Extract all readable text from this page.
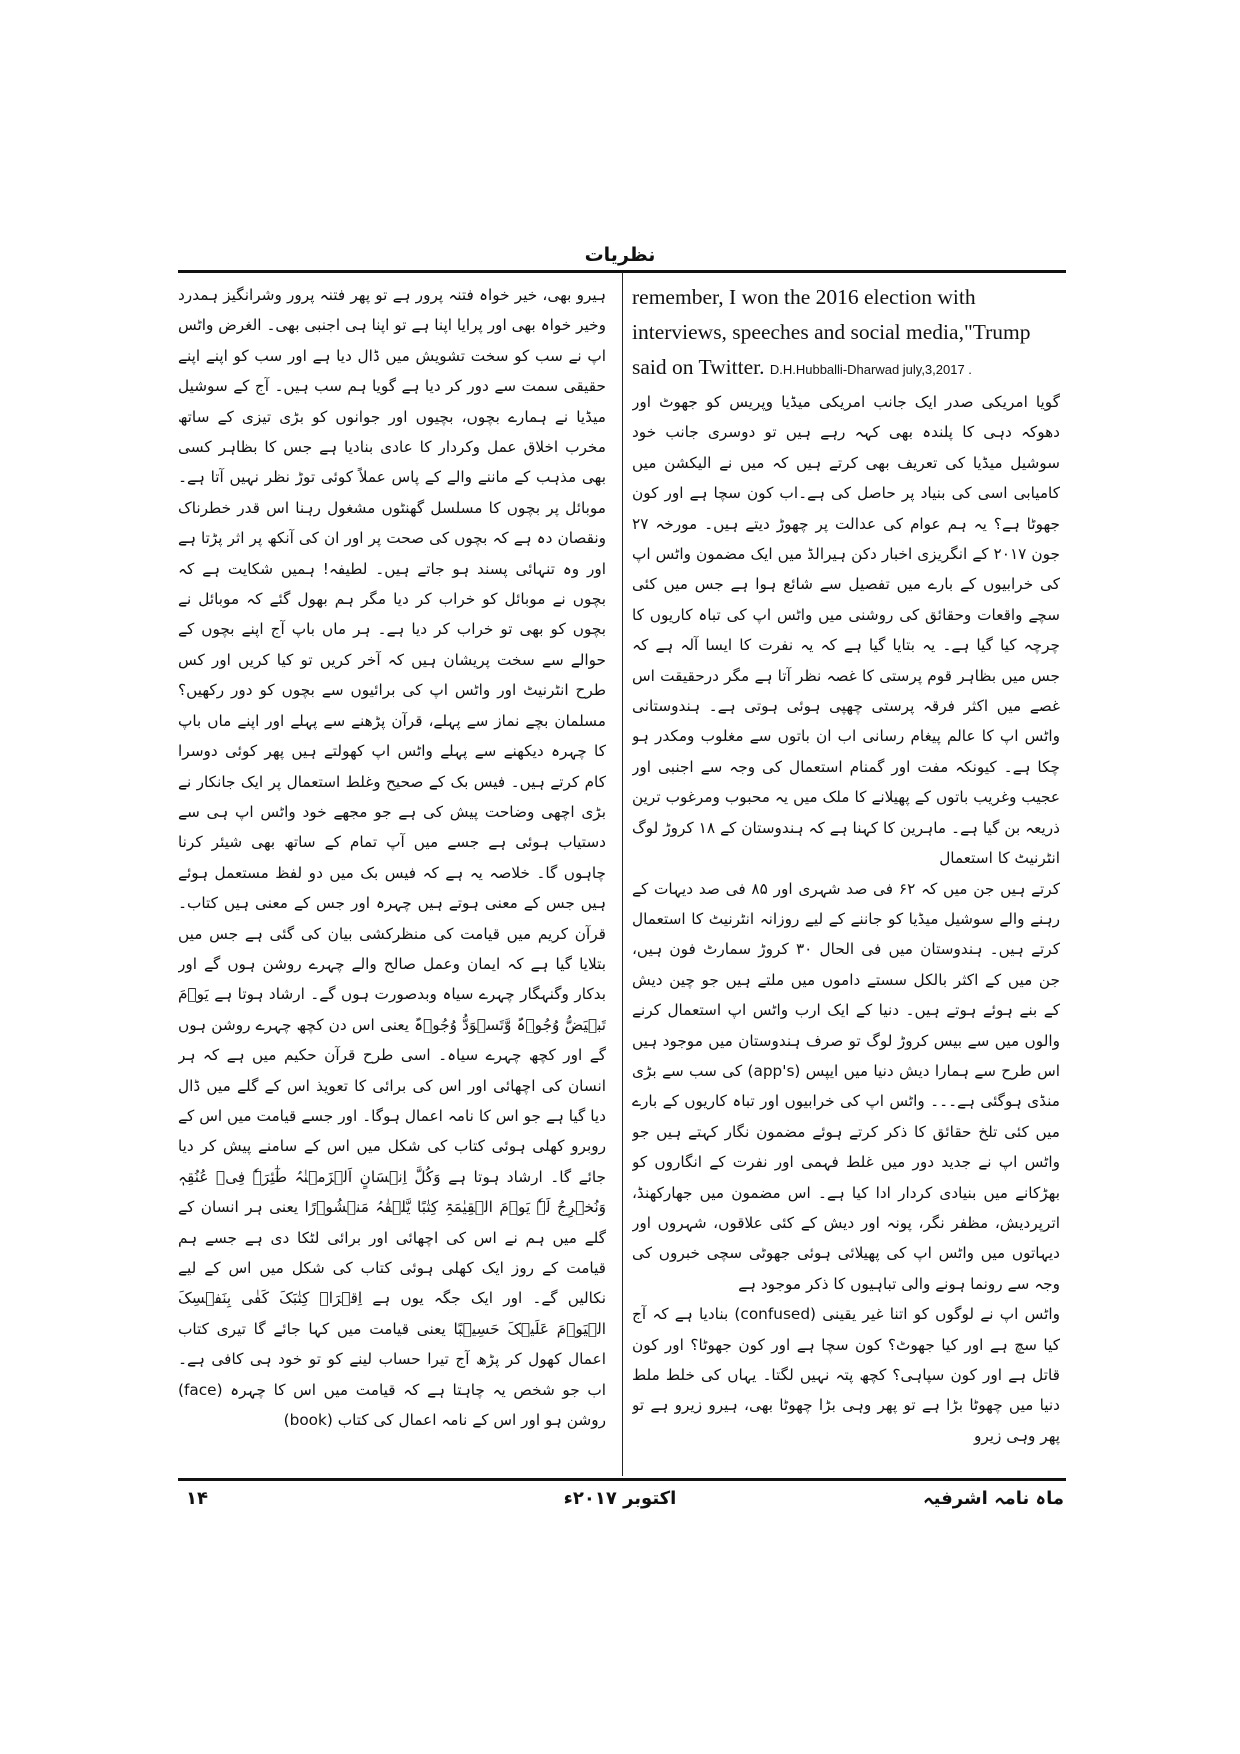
نظریات

remember, I won the 2016 election with

interviews, speeches and social media,"Trump

said on Twitter. D.H.Hubballi-Dharwad july,3,2017 .

گویا امریکی صدر ایک جانب امریکی میڈیا وپریس کو جھوٹ اور دھوکہ دہی کا پلندہ بھی کہہ رہے ہیں تو دوسری جانب خود سوشیل میڈیا کی تعریف بھی کرتے ہیں کہ میں نے الیکشن میں کامیابی اسی کی بنیاد پر حاصل کی ہے۔اب کون سچا ہے اور کون جھوٹا ہے؟ یہ ہم عوام کی عدالت پر چھوڑ دیتے ہیں۔ مورخہ ۲۷ جون ۲۰۱۷ کے انگریزی اخبار دکن ہیرالڈ میں ایک مضمون واٹس اپ کی خرابیوں کے بارے میں تفصیل سے شائع ہوا ہے جس میں کئی سچے واقعات وحقائق کی روشنی میں واٹس اپ کی تباہ کاریوں کا چرچہ کیا گیا ہے۔ یہ بتایا گیا ہے کہ یہ نفرت کا ایسا آلہ ہے کہ جس میں بظاہر قوم پرستی کا غصہ نظر آتا ہے مگر درحقیقت اس غصے میں اکثر فرقہ پرستی چھپی ہوئی ہوتی ہے۔ ہندوستانی واٹس اپ کا عالم پیغام رسانی اب ان باتوں سے مغلوب ومکدر ہو چکا ہے۔ کیونکہ مفت اور گمنام استعمال کی وجہ سے اجنبی اور عجیب وغریب باتوں کے پھیلانے کا ملک میں یہ محبوب ومرغوب ترین ذریعہ بن گیا ہے۔ ماہرین کا کہنا ہے کہ ہندوستان کے ۱۸ کروڑ لوگ انٹرنیٹ کا استعمال

کرتے ہیں جن میں کہ ۶۲ فی صد شہری اور ۸۵ فی صد دیہات کے رہنے والے سوشیل میڈیا کو جاننے کے لیے روزانہ انٹرنیٹ کا استعمال کرتے ہیں۔ ہندوستان میں فی الحال ۳۰ کروڑ سمارٹ فون ہیں، جن میں کے اکثر بالکل سستے داموں میں ملتے ہیں جو چین دیش کے بنے ہوئے ہوتے ہیں۔ دنیا کے ایک ارب واٹس اپ استعمال کرنے والوں میں سے بیس کروڑ لوگ تو صرف ہندوستان میں موجود ہیں اس طرح سے ہمارا دیش دنیا میں ایپس (app's) کی سب سے بڑی منڈی ہوگئی ہے۔۔۔ واٹس اپ کی خرابیوں اور تباہ کاریوں کے بارے میں کئی تلخ حقائق کا ذکر کرتے ہوئے مضمون نگار کہتے ہیں جو واٹس اپ نے جدید دور میں غلط فہمی اور نفرت کے انگاروں کو بھڑکانے میں بنیادی کردار ادا کیا ہے۔ اس مضمون میں جھارکھنڈ، اترپردیش، مظفر نگر، پونہ اور دیش کے کئی علاقوں، شہروں اور دیہاتوں میں واٹس اپ کی پھیلائی ہوئی جھوٹی سچی خبروں کی وجہ سے رونما ہونے والی تباہیوں کا ذکر موجود ہے

واٹس اپ نے لوگوں کو اتنا غیر یقینی (confused) بنادیا ہے کہ آج کیا سچ ہے اور کیا جھوٹ؟ کون سچا ہے اور کون جھوٹا؟ اور کون قاتل ہے اور کون سپاہی؟ کچھ پتہ نہیں لگتا۔ یہاں کی خلط ملط دنیا میں چھوٹا بڑا ہے تو پھر وہی بڑا چھوٹا بھی، ہیرو زیرو ہے تو پھر وہی زیرو

ہیرو بھی، خیر خواہ فتنہ پرور ہے تو پھر فتنہ پرور وشرانگیز ہمدرد وخیر خواہ بھی اور پرایا اپنا ہے تو اپنا ہی اجنبی بھی۔ الغرض واٹس اپ نے سب کو سخت تشویش میں ڈال دیا ہے اور سب کو اپنے اپنے حقیقی سمت سے دور کر دیا ہے گویا ہم سب ہیں۔ آج کے سوشیل میڈیا نے ہمارے بچوں، بچیوں اور جوانوں کو بڑی تیزی کے ساتھ مخرب اخلاق عمل وکردار کا عادی بنادیا ہے جس کا بظاہر کسی بھی مذہب کے ماننے والے کے پاس عملاً کوئی توڑ نظر نہیں آتا ہے۔ موبائل پر بچوں کا مسلسل گھنٹوں مشغول رہنا اس قدر خطرناک ونقصان دہ ہے کہ بچوں کی صحت پر اور ان کی آنکھ پر اثر پڑتا ہے اور وہ تنہائی پسند ہو جاتے ہیں۔ لطیفہ! ہمیں شکایت ہے کہ بچوں نے موبائل کو خراب کر دیا مگر ہم بھول گئے کہ موبائل نے بچوں کو بھی تو خراب کر دیا ہے۔ ہر ماں باپ آج اپنے بچوں کے حوالے سے سخت پریشان ہیں کہ آخر کریں تو کیا کریں اور کس طرح انٹرنیٹ اور واٹس اپ کی برائیوں سے بچوں کو دور رکھیں؟ مسلمان بچے نماز سے پہلے، قرآن پڑھنے سے پہلے اور اپنے ماں باپ کا چہرہ دیکھنے سے پہلے واٹس اپ کھولتے ہیں پھر کوئی دوسرا کام کرتے ہیں۔ فیس بک کے صحیح وغلط استعمال پر ایک جانکار نے بڑی اچھی وضاحت پیش کی ہے جو مجھے خود واٹس اپ ہی سے دستیاب ہوئی ہے جسے میں آپ تمام کے ساتھ بھی شیئر کرنا چاہوں گا۔ خلاصہ یہ ہے کہ فیس بک میں دو لفظ مستعمل ہوئے ہیں جس کے معنی ہوتے ہیں چہرہ اور جس کے معنی ہیں کتاب۔ قرآن کریم میں قیامت کی منظرکشی بیان کی گئی ہے جس میں بتلایا گیا ہے کہ ایمان وعمل صالح والے چہرے روشن ہوں گے اور بدکار وگنہگار چہرے سیاہ وبدصورت ہوں گے۔ ارشاد ہوتا ہے یَوۡمَ تَبۡیَضُّ وُجُوۡہٌ وَّتَسۡوَدُّ وُجُوۡہٌ یعنی اس دن کچھ چہرے روشن ہوں گے اور کچھ چہرے سیاہ۔ اسی طرح قرآن حکیم میں ہے کہ ہر انسان کی اچھائی اور اس کی برائی کا تعویذ اس کے گلے میں ڈال دیا گیا ہے جو اس کا نامہ اعمال ہوگا۔ اور جسے قیامت میں اس کے روبرو کھلی ہوئی کتاب کی شکل میں اس کے سامنے پیش کر دیا جائے گا۔ ارشاد ہوتا ہے وَکُلَّ اِنۡسَانٍ اَلۡزَمۡنٰہُ طٰٓئِرَہٗ فِیۡ عُنُقِہٖ وَنُخۡرِجُ لَہٗ یَوۡمَ الۡقِیٰمَۃِ کِتٰبًا یَّلۡقٰہُ مَنۡشُوۡرًا یعنی ہر انسان کے گلے میں ہم نے اس کی اچھائی اور برائی لٹکا دی ہے جسے ہم قیامت کے روز ایک کھلی ہوئی کتاب کی شکل میں اس کے لیے نکالیں گے۔ اور ایک جگہ یوں ہے اِقۡرَاۡ کِتٰبَکَ کَفٰی بِنَفۡسِکَ الۡیَوۡمَ عَلَیۡکَ حَسِیۡبًا یعنی قیامت میں کہا جائے گا تیری کتاب اعمال کھول کر پڑھ آج تیرا حساب لینے کو تو خود ہی کافی ہے۔ اب جو شخص یہ چاہتا ہے کہ قیامت میں اس کا چہرہ (face) روشن ہو اور اس کے نامہ اعمال کی کتاب (book)

۱۴	اکتوبر ۲۰۱۷ء	ماہ نامہ اشرفیہ
